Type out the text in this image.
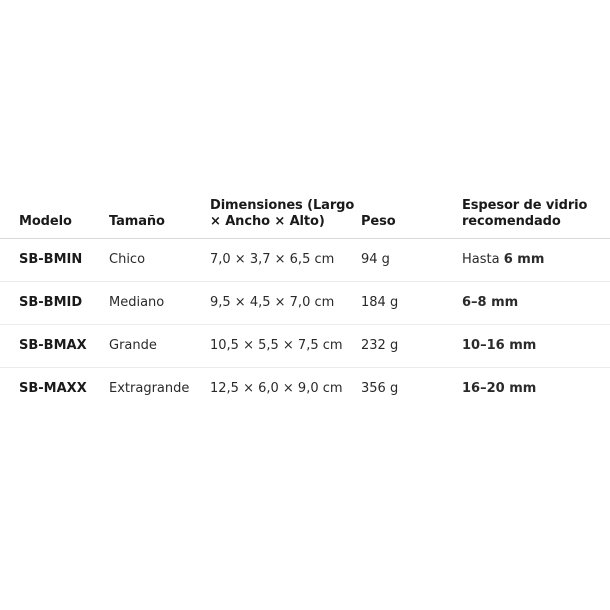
Modelo	Tamaño	Dimensiones (Largo
× Ancho × Alto)	Peso	Espesor de vidrio
recomendado
SB-BMIN	Chico	7,0 × 3,7 × 6,5 cm	94 g	Hasta 6 mm
SB-BMID	Mediano	9,5 × 4,5 × 7,0 cm	184 g	6–8 mm
SB-BMAX	Grande	10,5 × 5,5 × 7,5 cm	232 g	10–16 mm
SB-MAXX	Extragrande	12,5 × 6,0 × 9,0 cm	356 g	16–20 mm
